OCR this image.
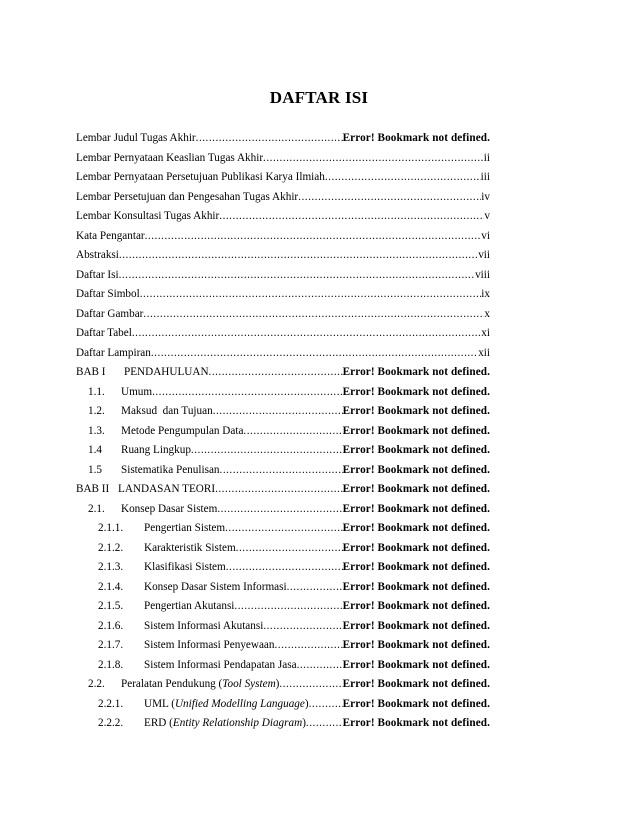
DAFTAR ISI
Lembar Judul Tugas Akhir .....	Error! Bookmark not defined.
Lembar Pernyataan Keaslian Tugas Akhir .....	ii
Lembar Pernyataan Persetujuan Publikasi Karya Ilmiah .....	iii
Lembar Persetujuan dan Pengesahan Tugas Akhir .....	iv
Lembar Konsultasi Tugas Akhir .....	v
Kata Pengantar .....	vi
Abstraksi .....	vii
Daftar Isi .....	viii
Daftar Simbol .....	ix
Daftar Gambar .....	x
Daftar Tabel .....	xi
Daftar Lampiran .....	xii
BAB I	PENDAHULUAN .....	Error! Bookmark not defined.
1.1.	Umum .....	Error! Bookmark not defined.
1.2.	Maksud  dan Tujuan .....	Error! Bookmark not defined.
1.3.	Metode Pengumpulan Data .....	Error! Bookmark not defined.
1.4	Ruang Lingkup .....	Error! Bookmark not defined.
1.5	Sistematika Penulisan .....	Error! Bookmark not defined.
BAB II LANDASAN TEORI .....	Error! Bookmark not defined.
2.1.	Konsep Dasar Sistem .....	Error! Bookmark not defined.
2.1.1.	Pengertian Sistem .....	Error! Bookmark not defined.
2.1.2.	Karakteristik Sistem .....	Error! Bookmark not defined.
2.1.3.	Klasifikasi Sistem .....	Error! Bookmark not defined.
2.1.4.	Konsep Dasar Sistem Informasi .....	Error! Bookmark not defined.
2.1.5.	Pengertian Akutansi .....	Error! Bookmark not defined.
2.1.6.	Sistem Informasi Akutansi .....	Error! Bookmark not defined.
2.1.7.	Sistem Informasi Penyewaan .....	Error! Bookmark not defined.
2.1.8.	Sistem Informasi Pendapatan Jasa .....	Error! Bookmark not defined.
2.2.	Peralatan Pendukung (Tool System) .....	Error! Bookmark not defined.
2.2.1.	UML (Unified Modelling Language) .....	Error! Bookmark not defined.
2.2.2.	ERD (Entity Relationship Diagram) .....	Error! Bookmark not defined.
